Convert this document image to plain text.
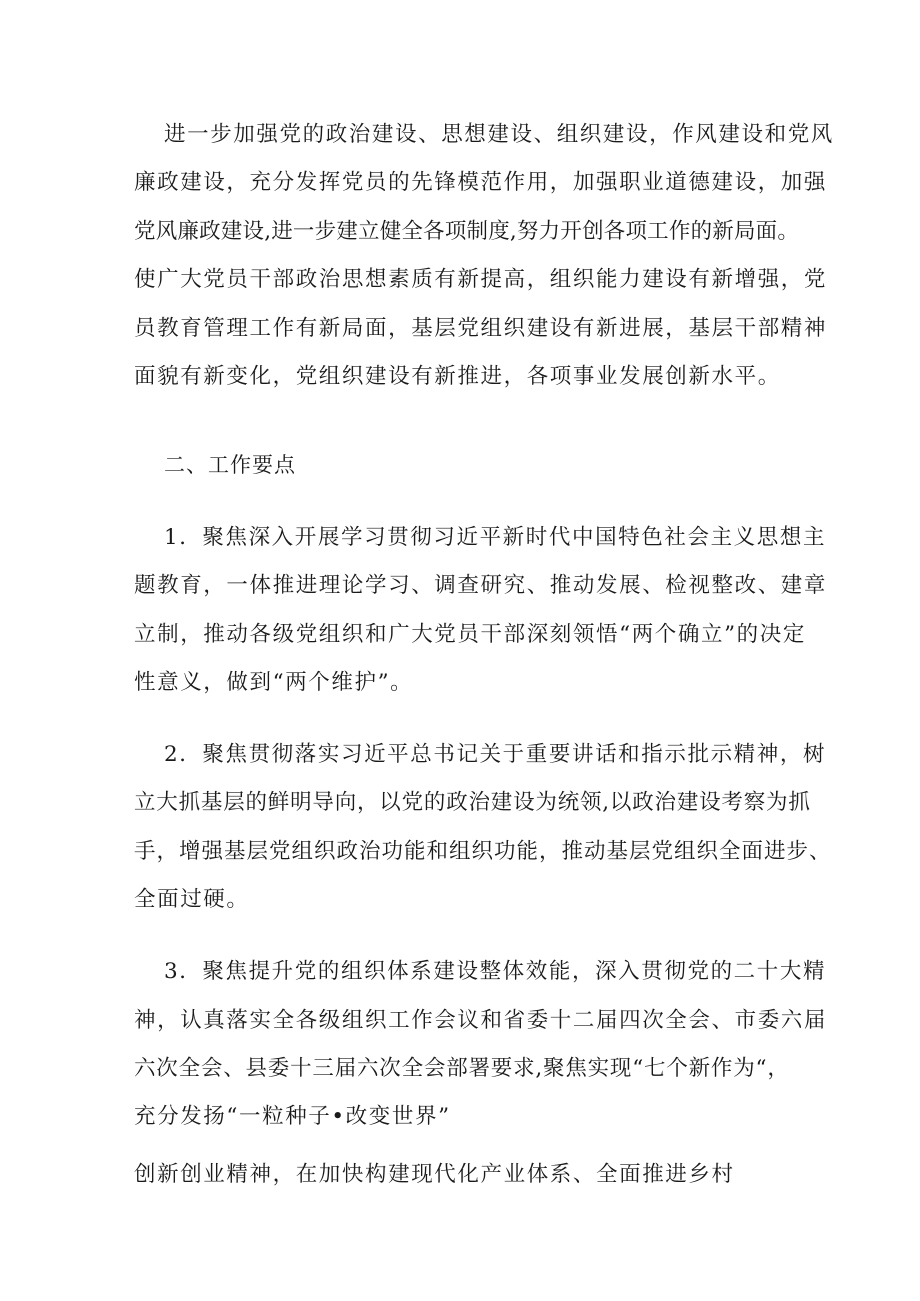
进一步加强党的政治建设、思想建设、组织建设，作风建设和党风
廉政建设，充分发挥党员的先锋模范作用，加强职业道德建设，加强
党风廉政建设,进一步建立健全各项制度,努力开创各项工作的新局面。
使广大党员干部政治思想素质有新提高，组织能力建设有新增强，党
员教育管理工作有新局面，基层党组织建设有新进展，基层干部精神
面貌有新变化，党组织建设有新推进，各项事业发展创新水平。
二、工作要点
1．聚焦深入开展学习贯彻习近平新时代中国特色社会主义思想主
题教育，一体推进理论学习、调查研究、推动发展、检视整改、建章
立制，推动各级党组织和广大党员干部深刻领悟“两个确立”的决定
性意义，做到“两个维护”。
2．聚焦贯彻落实习近平总书记关于重要讲话和指示批示精神，树
立大抓基层的鲜明导向，以党的政治建设为统领,以政治建设考察为抓
手，增强基层党组织政治功能和组织功能，推动基层党组织全面进步、
全面过硬。
3．聚焦提升党的组织体系建设整体效能，深入贯彻党的二十大精
神，认真落实全各级组织工作会议和省委十二届四次全会、市委六届
六次全会、县委十三届六次全会部署要求,聚焦实现“七个新作为“，
充分发扬“一粒种子•改变世界”
创新创业精神，在加快构建现代化产业体系、全面推进乡村
